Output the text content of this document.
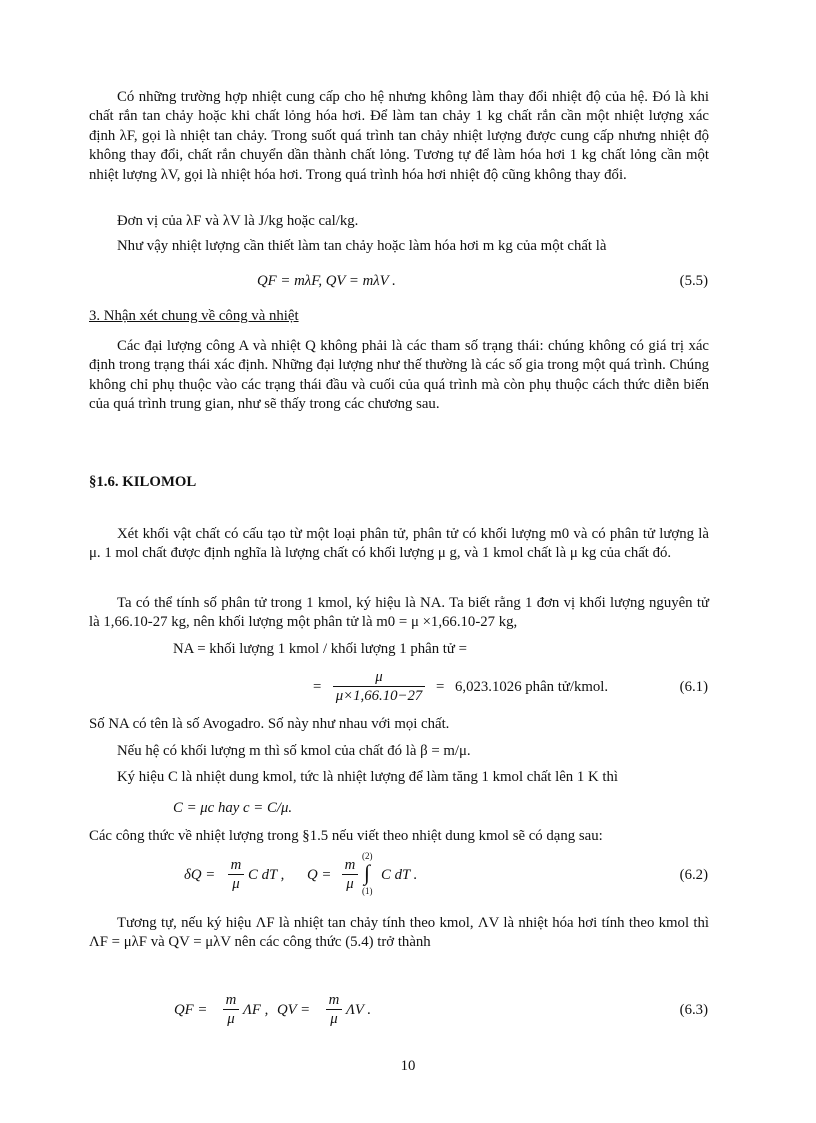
Có những trường hợp nhiệt cung cấp cho hệ nhưng không làm thay đổi nhiệt độ của hệ. Đó là khi chất rắn tan chảy hoặc khi chất lỏng hóa hơi. Để làm tan chảy 1 kg chất rắn cần một nhiệt lượng xác định λF, gọi là nhiệt tan chảy. Trong suốt quá trình tan chảy nhiệt lượng được cung cấp nhưng nhiệt độ không thay đổi, chất rắn chuyển dần thành chất lỏng. Tương tự để làm hóa hơi 1 kg chất lỏng cần một nhiệt lượng λV, gọi là nhiệt hóa hơi. Trong quá trình hóa hơi nhiệt độ cũng không thay đổi.

Đơn vị của λF và λV là J/kg hoặc cal/kg.

Như vậy nhiệt lượng cần thiết làm tan chảy hoặc làm hóa hơi m kg của một chất là

QF = mλF, QV = mλV .	(5.5)
3. Nhận xét chung về công và nhiệt

Các đại lượng công A và nhiệt Q không phải là các tham số trạng thái: chúng không có giá trị xác định trong trạng thái xác định. Những đại lượng như thế thường là các số gia trong một quá trình. Chúng không chỉ phụ thuộc vào các trạng thái đầu và cuối của quá trình mà còn phụ thuộc cách thức diễn biến của quá trình trung gian, như sẽ thấy trong các chương sau.

§1.6. KILOMOL

Xét khối vật chất có cấu tạo từ một loại phân tử, phân tử có khối lượng m0 và có phân tử lượng là μ. 1 mol chất được định nghĩa là lượng chất có khối lượng μ g, và 1 kmol chất là μ kg của chất đó.

Ta có thể tính số phân tử trong 1 kmol, ký hiệu là NA. Ta biết rằng 1 đơn vị khối lượng nguyên tử là 1,66.10-27 kg, nên khối lượng một phân tử là m0 = μ ×1,66.10-27 kg,

NA = khối lượng 1 kmol / khối lượng 1 phân tử =
= $\frac{\mu}{\mu\times 1,66.10-27} = 6,023.1026$ phân tử/kmol.	(6.1)
Số NA có tên là số Avogadro. Số này như nhau với mọi chất.
Nếu hệ có khối lượng m thì số kmol của chất đó là β = m/μ.
Ký hiệu C là nhiệt dung kmol, tức là nhiệt lượng để làm tăng 1 kmol chất lên 1 K thì
C = μc hay c = C/μ.
Các công thức về nhiệt lượng trong §1.5 nếu viết theo nhiệt dung kmol sẽ có dạng sau:
$\delta Q = \frac{m}{\mu}$ C dT , $Q = \frac{m}{\mu} (2)$
∫
(1)
C dT .	(6.2)

Tương tự, nếu ký hiệu ΛF là nhiệt tan chảy tính theo kmol, ΛV là nhiệt hóa hơi tính theo kmol thì ΛF = μλF và QV = μλV nên các công thức (5.4) trở thành

QF = $\frac{m}{\mu}$ ΛF , QV = $\frac{m}{\mu}$ ΛV .	(6.3)
10
